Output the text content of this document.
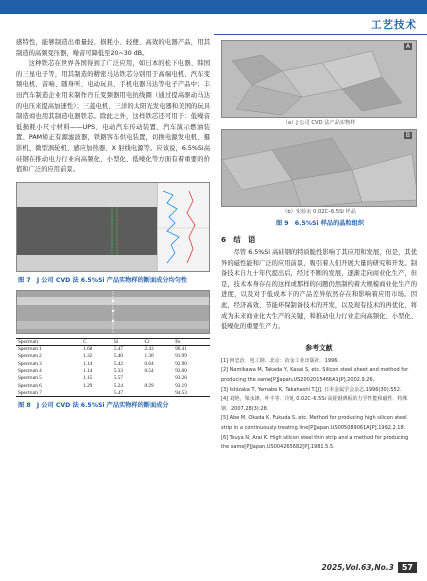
工艺技术

感特性，能够制造出重量轻、损耗小、轻便、高效的电器产品，用其制造的高频变压器，噪音可降低至20~30 dB。

这种铁芯在世界各国得到了广泛应用，如日本的松下电器、韩国的三星电子等，用其制造的精密马达铁芯分别用于高端电机、汽车变频电机、音响、随身听、电动玩具、手机电器马达等电子产品中；丰田汽车制造企业用来制作丹丘变频器用电抗线圈（通过提高驱动马达的电压来提高加速性）；三菱电机、三洋的太阳光发电器和美国的玩具制造商也用其制造电器铁芯。除此之外，这样铁芯还可用于：低噪音低损耗小尺寸材料——UPS、电动汽车传动装置、汽车演示燃油装置、PAM矫正有源滤波器，铁路客车供电装置，切换电源发电机、摄影机、微型涡轮机、感应加热器、X 射线电源等。应该说，6.5%Si高硅钢在推动电力行业向高频化、小型化、低噪化等方面有着重要的价值和广泛的应用前景。

图 7　J 公司 CVD 法 6.5%Si 产品实物样的断面成分均匀性
Spectrum	C	Si	Cr	Fe
Spectrum 1	1.68	5.47	2.43	90.41
Spectrum 2	1.32	5.40	1.30	91.99
Spectrum 3	1.14	5.42	0.64	92.90
Spectrum 4	1.14	5.33	0.54	93.00
Spectrum 5	1.15	5.57		93.28
Spectrum 6	1.29	5.24	0.29	93.19
Spectrum 7		5.47		94.53
图 8　J 公司 CVD 法 6.5%Si 产品实物样的断面成分
A
（a）J 公司 CVD 法产品实物样
B
（b）实验室 0.02C–6.5Si 样品
图 9　6.5%Si 样品的晶粒组织
6　结　语

尽管 6.5%Si 高硅钢的特质脆性影响了其应用和发展，但是，其优异的磁性能和广泛的应用前景，吸引着人们开展大量的研究和开发。制备技术自九十年代提出后，经过不断的发展，逐渐走向商业化生产，但是，技术本身存在的这样或那样的问题仍然制约着大规模商业化生产的进度，以及对于低成本下的产品差异依然存在和影响着应用市场。因此，经济高效、节能环保制备技术的开发，以及现有技术的再优化，将成为未来商业化大生产的关键，和推动电力行业走向高频化、小型化、低噪化的重要生产力。

参考文献
[1] 何忠治．电工钢．北京：冶金工业出版社．1996.
[2] Namikawa M, Takada Y, Kasai S, etc. Silicon steel sheet and method for producing the same[P]Japan,US2002015466A1[P],2002.9.26.
[3] Ishizaka T, Yamabe K, Takahashi T.[J]. 日本金属学会杂志,1996(30):552.
[4] 刘艳，梁永锋，叶丰等．冷轧 0.02C–6.5Si 高硅钢薄板的力学性能和磁性．特殊钢．2007,28(3):28.
[5] Abe M, Okada K, Fukuda S, etc. Method for producing high silicon steel strip in a continuously treating line[P]Japan,US005089061A[P],1992.2.18.
[6] Tsuya N, Arai K. High silicon steel thin strip and a method for producing the same[P]Japan,US004265682[P],1981.5.5.
2025,Vol.63,No.3	57
